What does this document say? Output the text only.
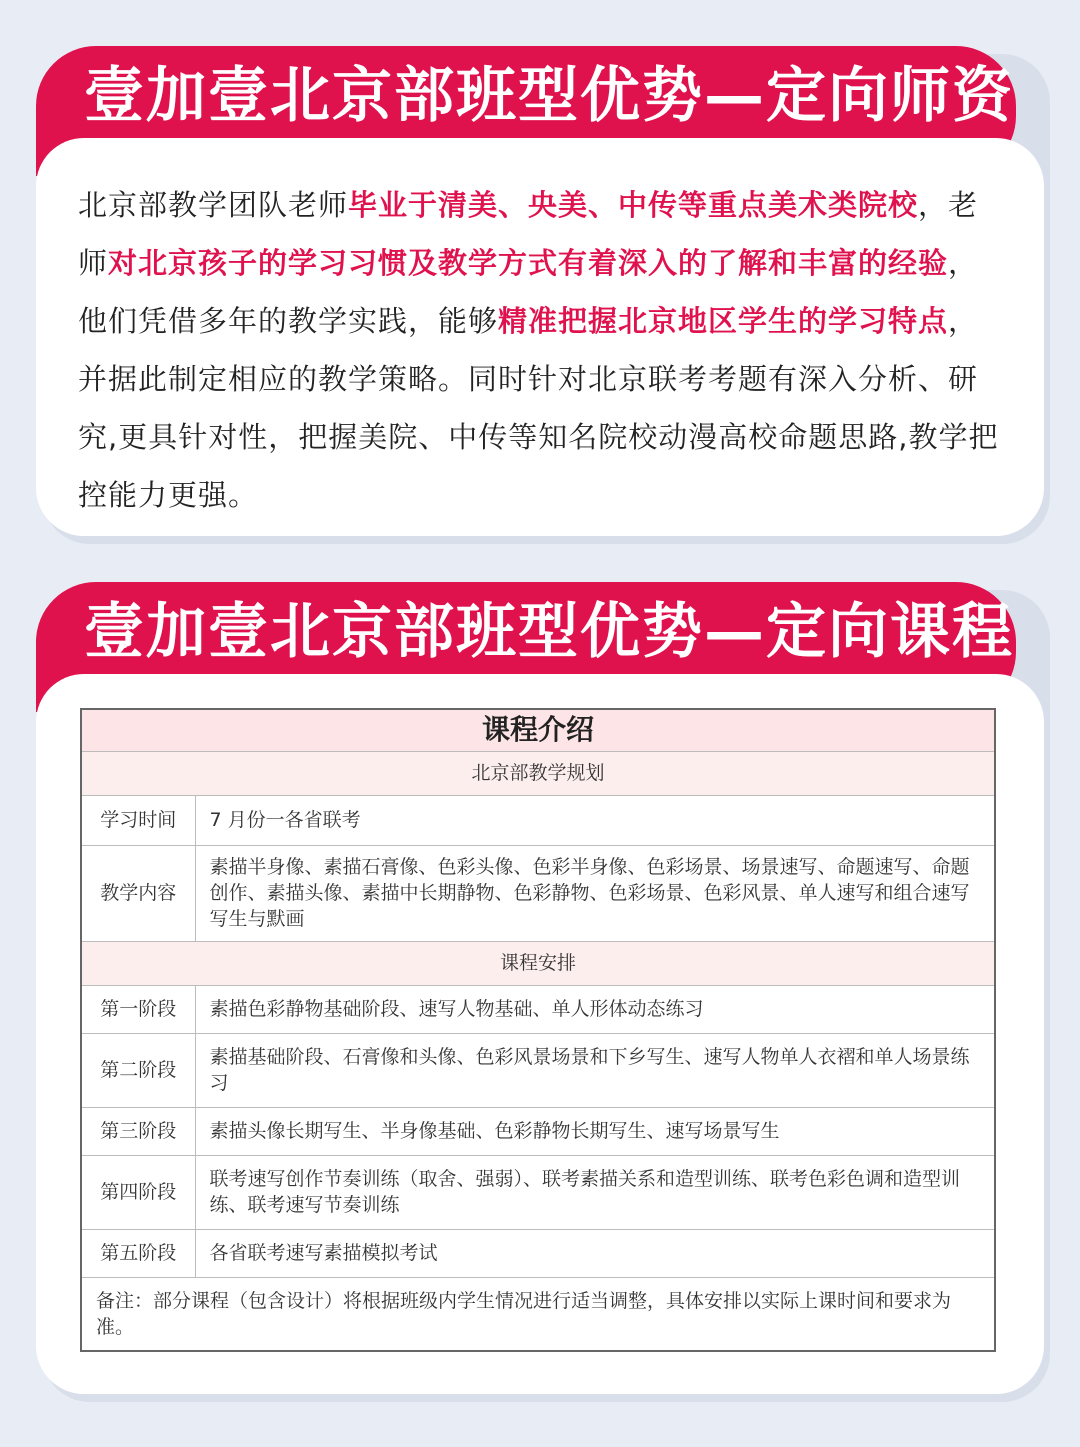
北京部教学团队老师毕业于清美、央美、中传等重点美术类院校，老师对北京孩子的学习习惯及教学方式有着深入的了解和丰富的经验，他们凭借多年的教学实践，能够精准把握北京地区学生的学习特点，并据此制定相应的教学策略。同时针对北京联考考题有深入分析、研究,更具针对性，把握美院、中传等知名院校动漫高校命题思路,教学把控能力更强。

壹加壹北京部班型优势—定向师资
课程介绍	
北京部教学规划	
学习时间	7 月份一各省联考
教学内容	素描半身像、素描石膏像、色彩头像、色彩半身像、色彩场景、场景速写、命题速写、命题创作、素描头像、素描中长期静物、色彩静物、色彩场景、色彩风景、单人速写和组合速写写生与默画
课程安排	
第一阶段	素描色彩静物基础阶段、速写人物基础、单人形体动态练习
第二阶段	素描基础阶段、石膏像和头像、色彩风景场景和下乡写生、速写人物单人衣褶和单人场景练习
第三阶段	素描头像长期写生、半身像基础、色彩静物长期写生、速写场景写生
第四阶段	联考速写创作节奏训练（取舍、强弱）、联考素描关系和造型训练、联考色彩色调和造型训练、联考速写节奏训练
第五阶段	各省联考速写素描模拟考试
备注：部分课程（包含设计）将根据班级内学生情况进行适当调整，具体安排以实际上课时间和要求为准。	
壹加壹北京部班型优势—定向课程
